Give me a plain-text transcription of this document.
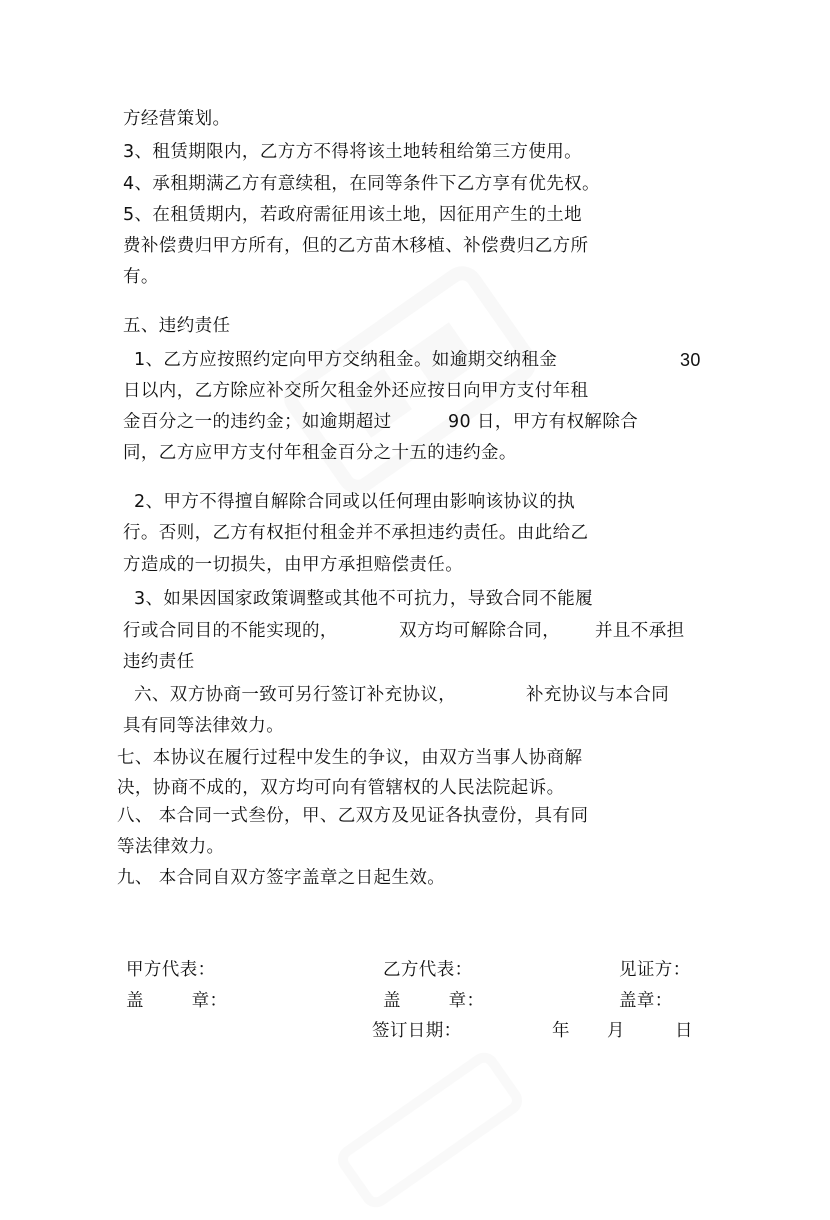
方经营策划。
3、租赁期限内，乙方方不得将该土地转租给第三方使用。
4、承租期满乙方有意续租，在同等条件下乙方享有优先权。
5、在租赁期内，若政府需征用该土地，因征用产生的土地
费补偿费归甲方所有，但的乙方苗木移植、补偿费归乙方所
有。
五、违约责任
1、乙方应按照约定向甲方交纳租金。如逾期交纳租金	30
日以内，乙方除应补交所欠租金外还应按日向甲方支付年租
金百分之一的违约金；如逾期超过	90 日，甲方有权解除合
同，乙方应甲方支付年租金百分之十五的违约金。
2、甲方不得擅自解除合同或以任何理由影响该协议的执
行。否则，乙方有权拒付租金并不承担违约责任。由此给乙
方造成的一切损失，由甲方承担赔偿责任。
3、如果因国家政策调整或其他不可抗力，导致合同不能履
行或合同目的不能实现的，	双方均可解除合同， 并且不承担
违约责任
六、双方协商一致可另行签订补充协议，	补充协议与本合同
具有同等法律效力。
七、本协议在履行过程中发生的争议，由双方当事人协商解
决，协商不成的，双方均可向有管辖权的人民法院起诉。
八、 本合同一式叁份，甲、乙双方及见证各执壹份，具有同
等法律效力。
九、 本合同自双方签字盖章之日起生效。
甲方代表：	乙方代表：	见证方：
盖        章：	盖        章：	盖章：
签订日期：	年 月	日
